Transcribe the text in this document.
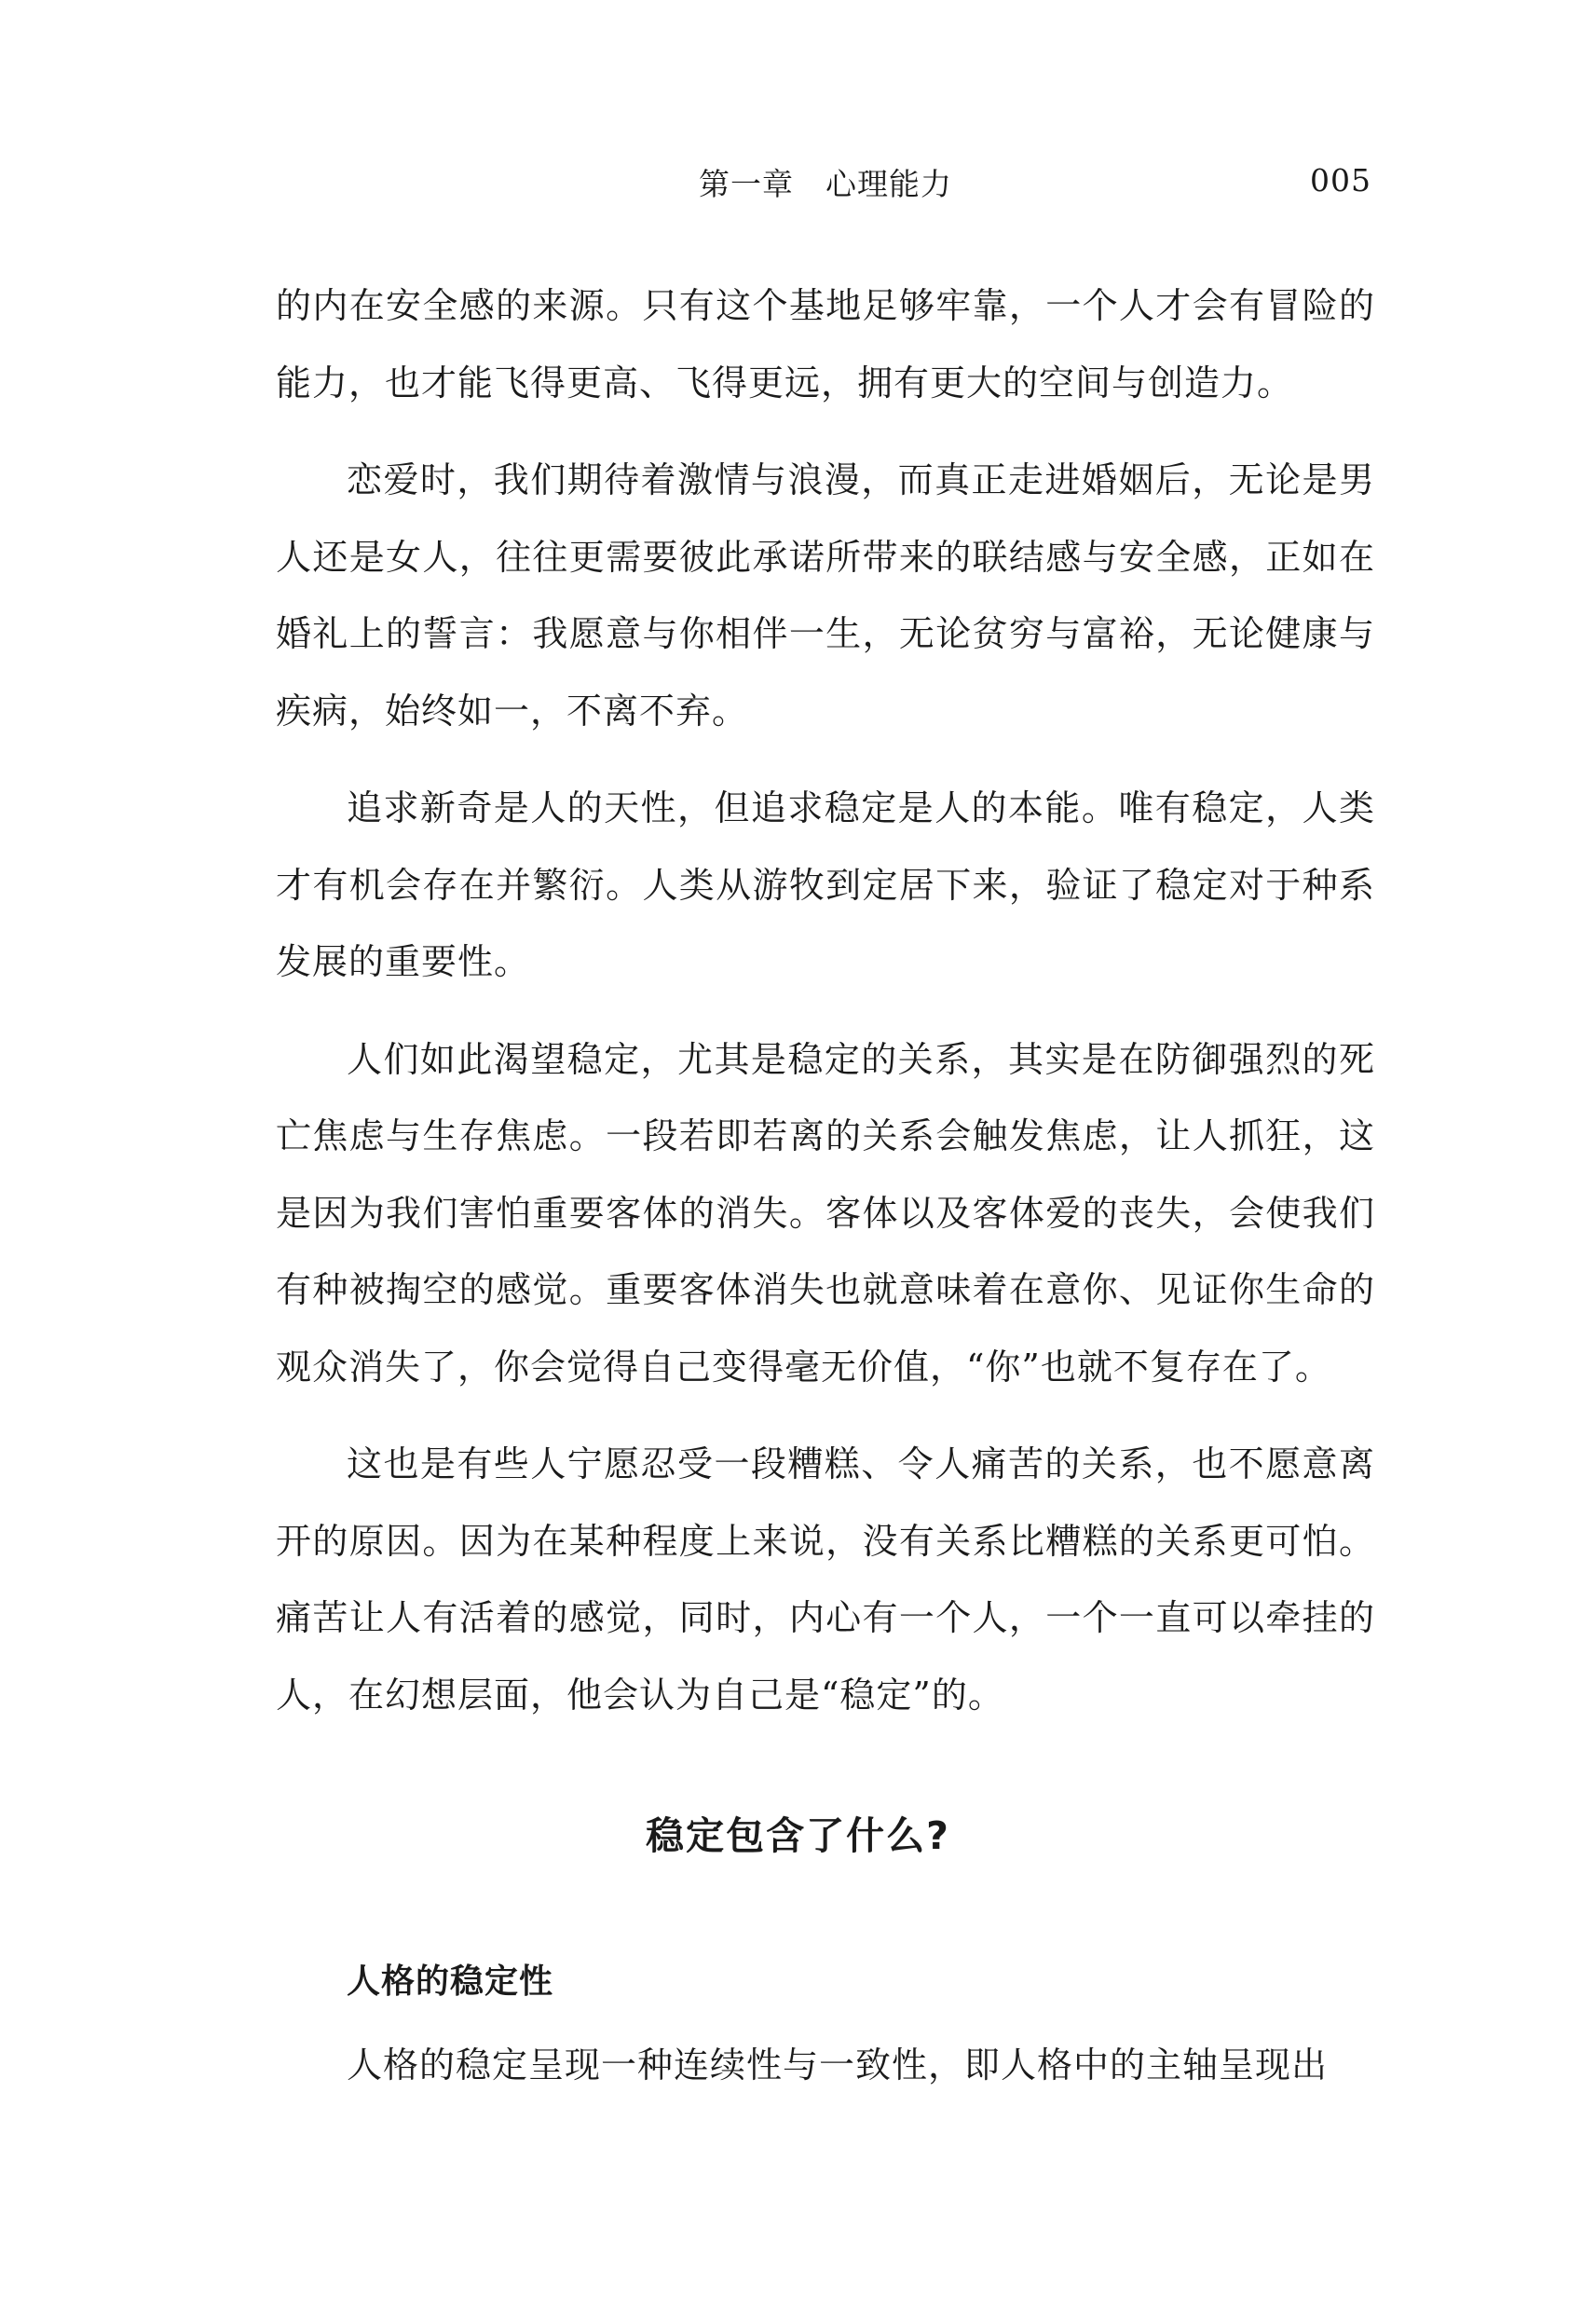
第一章　心理能力	005

的内在安全感的来源。只有这个基地足够牢靠，一个人才会有冒险的能力，也才能飞得更高、飞得更远，拥有更大的空间与创造力。

恋爱时，我们期待着激情与浪漫，而真正走进婚姻后，无论是男人还是女人，往往更需要彼此承诺所带来的联结感与安全感，正如在婚礼上的誓言：我愿意与你相伴一生，无论贫穷与富裕，无论健康与疾病，始终如一，不离不弃。

追求新奇是人的天性，但追求稳定是人的本能。唯有稳定，人类才有机会存在并繁衍。人类从游牧到定居下来，验证了稳定对于种系发展的重要性。

人们如此渴望稳定，尤其是稳定的关系，其实是在防御强烈的死亡焦虑与生存焦虑。一段若即若离的关系会触发焦虑，让人抓狂，这是因为我们害怕重要客体的消失。客体以及客体爱的丧失，会使我们有种被掏空的感觉。重要客体消失也就意味着在意你、见证你生命的观众消失了，你会觉得自己变得毫无价值，“你”也就不复存在了。

这也是有些人宁愿忍受一段糟糕、令人痛苦的关系，也不愿意离开的原因。因为在某种程度上来说，没有关系比糟糕的关系更可怕。痛苦让人有活着的感觉，同时，内心有一个人，一个一直可以牵挂的人，在幻想层面，他会认为自己是“稳定”的。

稳定包含了什么?
人格的稳定性

人格的稳定呈现一种连续性与一致性，即人格中的主轴呈现出
